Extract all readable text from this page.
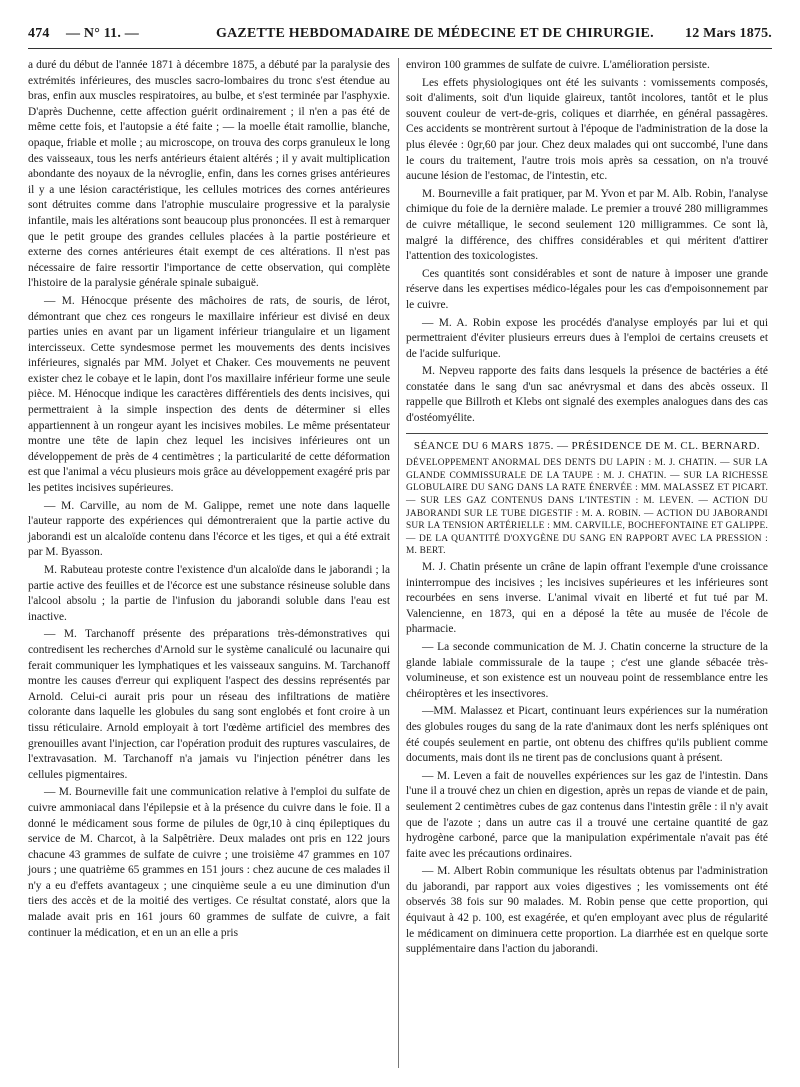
474 — N° 11. —	GAZETTE HEBDOMADAIRE DE MÉDECINE ET DE CHIRURGIE. 12 Mars 1875.

a duré du début de l'année 1871 à décembre 1875, a débuté par la paralysie des extrémités inférieures, des muscles sacro-lombaires du tronc s'est étendue au bras, enfin aux muscles respiratoires, au bulbe, et s'est terminée par l'asphyxie. D'après Duchenne, cette affection guérit ordinairement ; il n'en a pas été de même cette fois, et l'autopsie a été faite ; — la moelle était ramollie, blanche, opaque, friable et molle ; au microscope, on trouva des corps granuleux le long des vaisseaux, tous les nerfs antérieurs étaient altérés ; il y avait multiplication abondante des noyaux de la névroglie, enfin, dans les cornes grises antérieures il y a une lésion caractéristique, les cellules motrices des cornes antérieures sont détruites comme dans l'atrophie musculaire progressive et la paralysie infantile, mais les altérations sont beaucoup plus prononcées. Il est à remarquer que le petit groupe des grandes cellules placées à la partie postérieure et externe des cornes antérieures était exempt de ces altérations. Il n'est pas nécessaire de faire ressortir l'importance de cette observation, qui complète l'histoire de la paralysie générale spinale subaiguë.

— M. Hénocque présente des mâchoires de rats, de souris, de lérot, démontrant que chez ces rongeurs le maxillaire inférieur est divisé en deux parties unies en avant par un ligament inférieur triangulaire et un ligament intercisseux. Cette syndesmose permet les mouvements des dents incisives inférieures, signalés par MM. Jolyet et Chaker. Ces mouvements ne peuvent exister chez le cobaye et le lapin, dont l'os maxillaire inférieur forme une seule pièce. M. Hénocque indique les caractères différentiels des dents incisives, qui permettraient à la simple inspection des dents de déterminer si elles appartiennent à un rongeur ayant les incisives mobiles. Le même présentateur montre une tête de lapin chez lequel les incisives inférieures ont un développement de près de 4 centimètres ; la particularité de cette déformation est que l'animal a vécu plusieurs mois grâce au développement exagéré pris par les petites incisives supérieures.

— M. Carville, au nom de M. Galippe, remet une note dans laquelle l'auteur rapporte des expériences qui démontreraient que la partie active du jaborandi est un alcaloïde contenu dans l'écorce et les tiges, et qui a été extrait par M. Byasson.

M. Rabuteau proteste contre l'existence d'un alcaloïde dans le jaborandi ; la partie active des feuilles et de l'écorce est une substance résineuse soluble dans l'alcool absolu ; la partie de l'infusion du jaborandi soluble dans l'eau est inactive.

— M. Tarchanoff présente des préparations très-démonstratives qui contredisent les recherches d'Arnold sur le système canaliculé ou lacunaire qui ferait communiquer les lymphatiques et les vaisseaux sanguins. M. Tarchanoff montre les causes d'erreur qui expliquent l'aspect des dessins représentés par Arnold. Celui-ci aurait pris pour un réseau des infiltrations de matière colorante dans laquelle les globules du sang sont englobés et font croire à un tissu réticulaire. Arnold employait à tort l'œdème artificiel des membres des grenouilles avant l'injection, car l'opération produit des ruptures vasculaires, de l'extravasation. M. Tarchanoff n'a jamais vu l'injection pénétrer dans les cellules pigmentaires.

— M. Bourneville fait une communication relative à l'emploi du sulfate de cuivre ammoniacal dans l'épilepsie et à la présence du cuivre dans le foie. Il a donné le médicament sous forme de pilules de 0gr,10 à cinq épileptiques du service de M. Charcot, à la Salpêtrière. Deux malades ont pris en 122 jours chacune 43 grammes de sulfate de cuivre ; une troisième 47 grammes en 107 jours ; une quatrième 65 grammes en 151 jours : chez aucune de ces malades il n'y a eu d'effets avantageux ; une cinquième seule a eu une diminution d'un tiers des accès et de la moitié des vertiges. Ce résultat constaté, alors que la malade avait pris en 161 jours 60 grammes de sulfate de cuivre, a fait continuer la médication, et en un an elle a pris

environ 100 grammes de sulfate de cuivre. L'amélioration persiste.

Les effets physiologiques ont été les suivants : vomissements composés, soit d'aliments, soit d'un liquide glaireux, tantôt incolores, tantôt et le plus souvent couleur de vert-de-gris, coliques et diarrhée, en général passagères. Ces accidents se montrèrent surtout à l'époque de l'administration de la dose la plus élevée : 0gr,60 par jour. Chez deux malades qui ont succombé, l'une dans le cours du traitement, l'autre trois mois après sa cessation, on n'a trouvé aucune lésion de l'estomac, de l'intestin, etc.

M. Bourneville a fait pratiquer, par M. Yvon et par M. Alb. Robin, l'analyse chimique du foie de la dernière malade. Le premier a trouvé 280 milligrammes de cuivre métallique, le second seulement 120 milligrammes. Ce sont là, malgré la différence, des chiffres considérables et qui méritent d'attirer l'attention des toxicologistes.

Ces quantités sont considérables et sont de nature à imposer une grande réserve dans les expertises médico-légales pour les cas d'empoisonnement par le cuivre.

— M. A. Robin expose les procédés d'analyse employés par lui et qui permettraient d'éviter plusieurs erreurs dues à l'emploi de certains creusets et de l'acide sulfurique.

M. Nepveu rapporte des faits dans lesquels la présence de bactéries a été constatée dans le sang d'un sac anévrysmal et dans des abcès osseux. Il rappelle que Billroth et Klebs ont signalé des exemples analogues dans des cas d'ostéomyélite.

SÉANCE DU 6 MARS 1875. — PRÉSIDENCE DE M. CL. BERNARD.
DÉVELOPPEMENT ANORMAL DES DENTS DU LAPIN : M. J. CHATIN. — SUR LA GLANDE COMMISSURALE DE LA TAUPE : M. J. CHATIN. — SUR LA RICHESSE GLOBULAIRE DU SANG DANS LA RATE ÉNERVÉE : MM. MALASSEZ ET PICART. — SUR LES GAZ CONTENUS DANS L'INTESTIN : M. LEVEN. — ACTION DU JABORANDI SUR LE TUBE DIGESTIF : M. A. ROBIN. — ACTION DU JABORANDI SUR LA TENSION ARTÉRIELLE : MM. CARVILLE, BOCHEFONTAINE ET GALIPPE. — DE LA QUANTITÉ D'OXYGÈNE DU SANG EN RAPPORT AVEC LA PRESSION : M. BERT.

M. J. Chatin présente un crâne de lapin offrant l'exemple d'une croissance ininterrompue des incisives ; les incisives supérieures et les inférieures sont recourbées en sens inverse. L'animal vivait en liberté et fut tué par M. Valencienne, en 1873, qui en a déposé la tête au musée de l'école de pharmacie.

— La seconde communication de M. J. Chatin concerne la structure de la glande labiale commissurale de la taupe ; c'est une glande sébacée très-volumineuse, et son existence est un nouveau point de ressemblance entre les chéiroptères et les insectivores.

—MM. Malassez et Picart, continuant leurs expériences sur la numération des globules rouges du sang de la rate d'animaux dont les nerfs spléniques ont été coupés seulement en partie, ont obtenu des chiffres qu'ils publient comme documents, mais dont ils ne tirent pas de conclusions quant à présent.

— M. Leven a fait de nouvelles expériences sur les gaz de l'intestin. Dans l'une il a trouvé chez un chien en digestion, après un repas de viande et de pain, seulement 2 centimètres cubes de gaz contenus dans l'intestin grêle : il n'y avait que de l'azote ; dans un autre cas il a trouvé une certaine quantité de gaz hydrogène carboné, parce que la manipulation expérimentale n'avait pas été faite avec les précautions ordinaires.

— M. Albert Robin communique les résultats obtenus par l'administration du jaborandi, par rapport aux voies digestives ; les vomissements ont été observés 38 fois sur 90 malades. M. Robin pense que cette proportion, qui équivaut à 42 p. 100, est exagérée, et qu'en employant avec plus de régularité le médicament on diminuera cette proportion. La diarrhée est en quelque sorte supplémentaire dans l'action du jaborandi.
